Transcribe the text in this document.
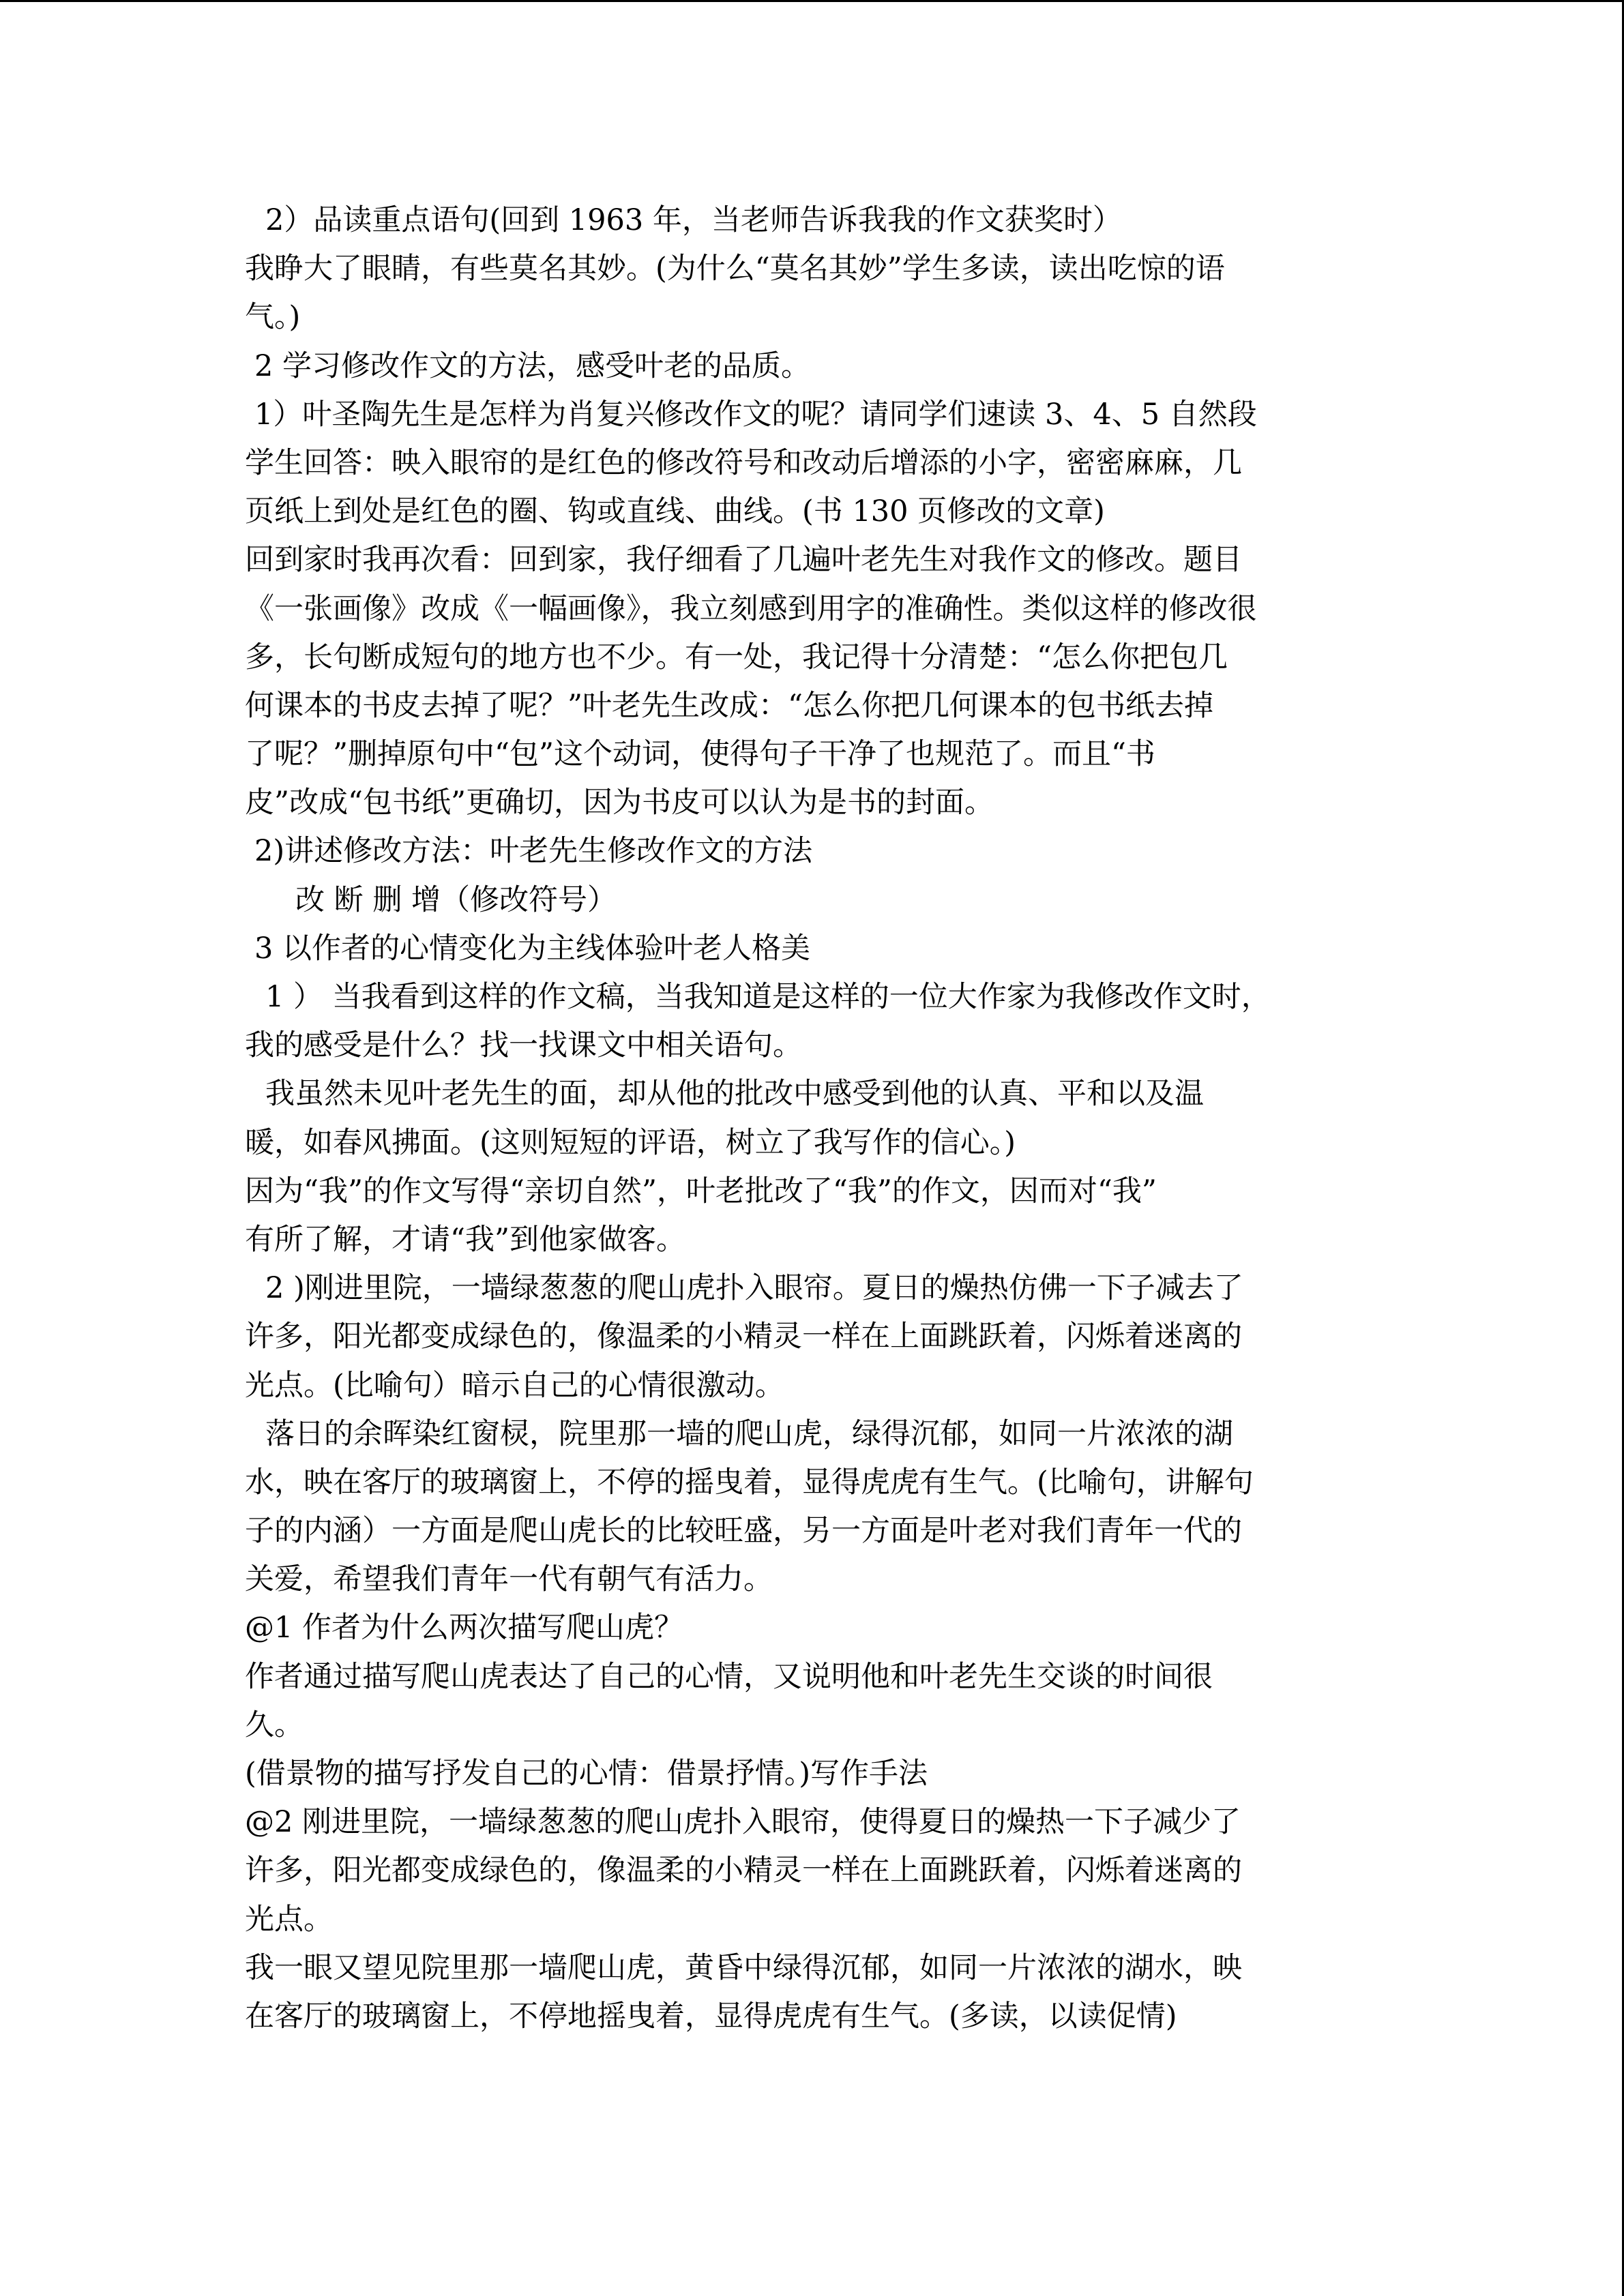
2）品读重点语句(回到 1963 年，当老师告诉我我的作文获奖时）
我睁大了眼睛，有些莫名其妙。(为什么“莫名其妙”学生多读，读出吃惊的语
气。)
2 学习修改作文的方法，感受叶老的品质。
1）叶圣陶先生是怎样为肖复兴修改作文的呢？请同学们速读 3、4、5 自然段
学生回答：映入眼帘的是红色的修改符号和改动后增添的小字，密密麻麻，几
页纸上到处是红色的圈、钩或直线、曲线。(书 130 页修改的文章)
回到家时我再次看：回到家，我仔细看了几遍叶老先生对我作文的修改。题目
《一张画像》改成《一幅画像》，我立刻感到用字的准确性。类似这样的修改很
多，长句断成短句的地方也不少。有一处，我记得十分清楚：“怎么你把包几
何课本的书皮去掉了呢？”叶老先生改成：“怎么你把几何课本的包书纸去掉
了呢？”删掉原句中“包”这个动词，使得句子干净了也规范了。而且“书
皮”改成“包书纸”更确切，因为书皮可以认为是书的封面。
2)讲述修改方法：叶老先生修改作文的方法
改 断 删 增（修改符号）
3 以作者的心情变化为主线体验叶老人格美
1 ） 当我看到这样的作文稿，当我知道是这样的一位大作家为我修改作文时，
我的感受是什么？找一找课文中相关语句。
我虽然未见叶老先生的面，却从他的批改中感受到他的认真、平和以及温
暖，如春风拂面。(这则短短的评语，树立了我写作的信心。)
因为“我”的作文写得“亲切自然”，叶老批改了“我”的作文，因而对“我”
有所了解，才请“我”到他家做客。
2 )刚进里院，一墙绿葱葱的爬山虎扑入眼帘。夏日的燥热仿佛一下子减去了
许多，阳光都变成绿色的，像温柔的小精灵一样在上面跳跃着，闪烁着迷离的
光点。(比喻句）暗示自己的心情很激动。
落日的余晖染红窗棂，院里那一墙的爬山虎，绿得沉郁，如同一片浓浓的湖
水，映在客厅的玻璃窗上，不停的摇曳着，显得虎虎有生气。(比喻句，讲解句
子的内涵）一方面是爬山虎长的比较旺盛，另一方面是叶老对我们青年一代的
关爱，希望我们青年一代有朝气有活力。
@1 作者为什么两次描写爬山虎？
作者通过描写爬山虎表达了自己的心情，又说明他和叶老先生交谈的时间很
久。
(借景物的描写抒发自己的心情：借景抒情。)写作手法
@2 刚进里院，一墙绿葱葱的爬山虎扑入眼帘，使得夏日的燥热一下子减少了
许多，阳光都变成绿色的，像温柔的小精灵一样在上面跳跃着，闪烁着迷离的
光点。
我一眼又望见院里那一墙爬山虎，黄昏中绿得沉郁，如同一片浓浓的湖水，映
在客厅的玻璃窗上，不停地摇曳着，显得虎虎有生气。(多读，以读促情)
